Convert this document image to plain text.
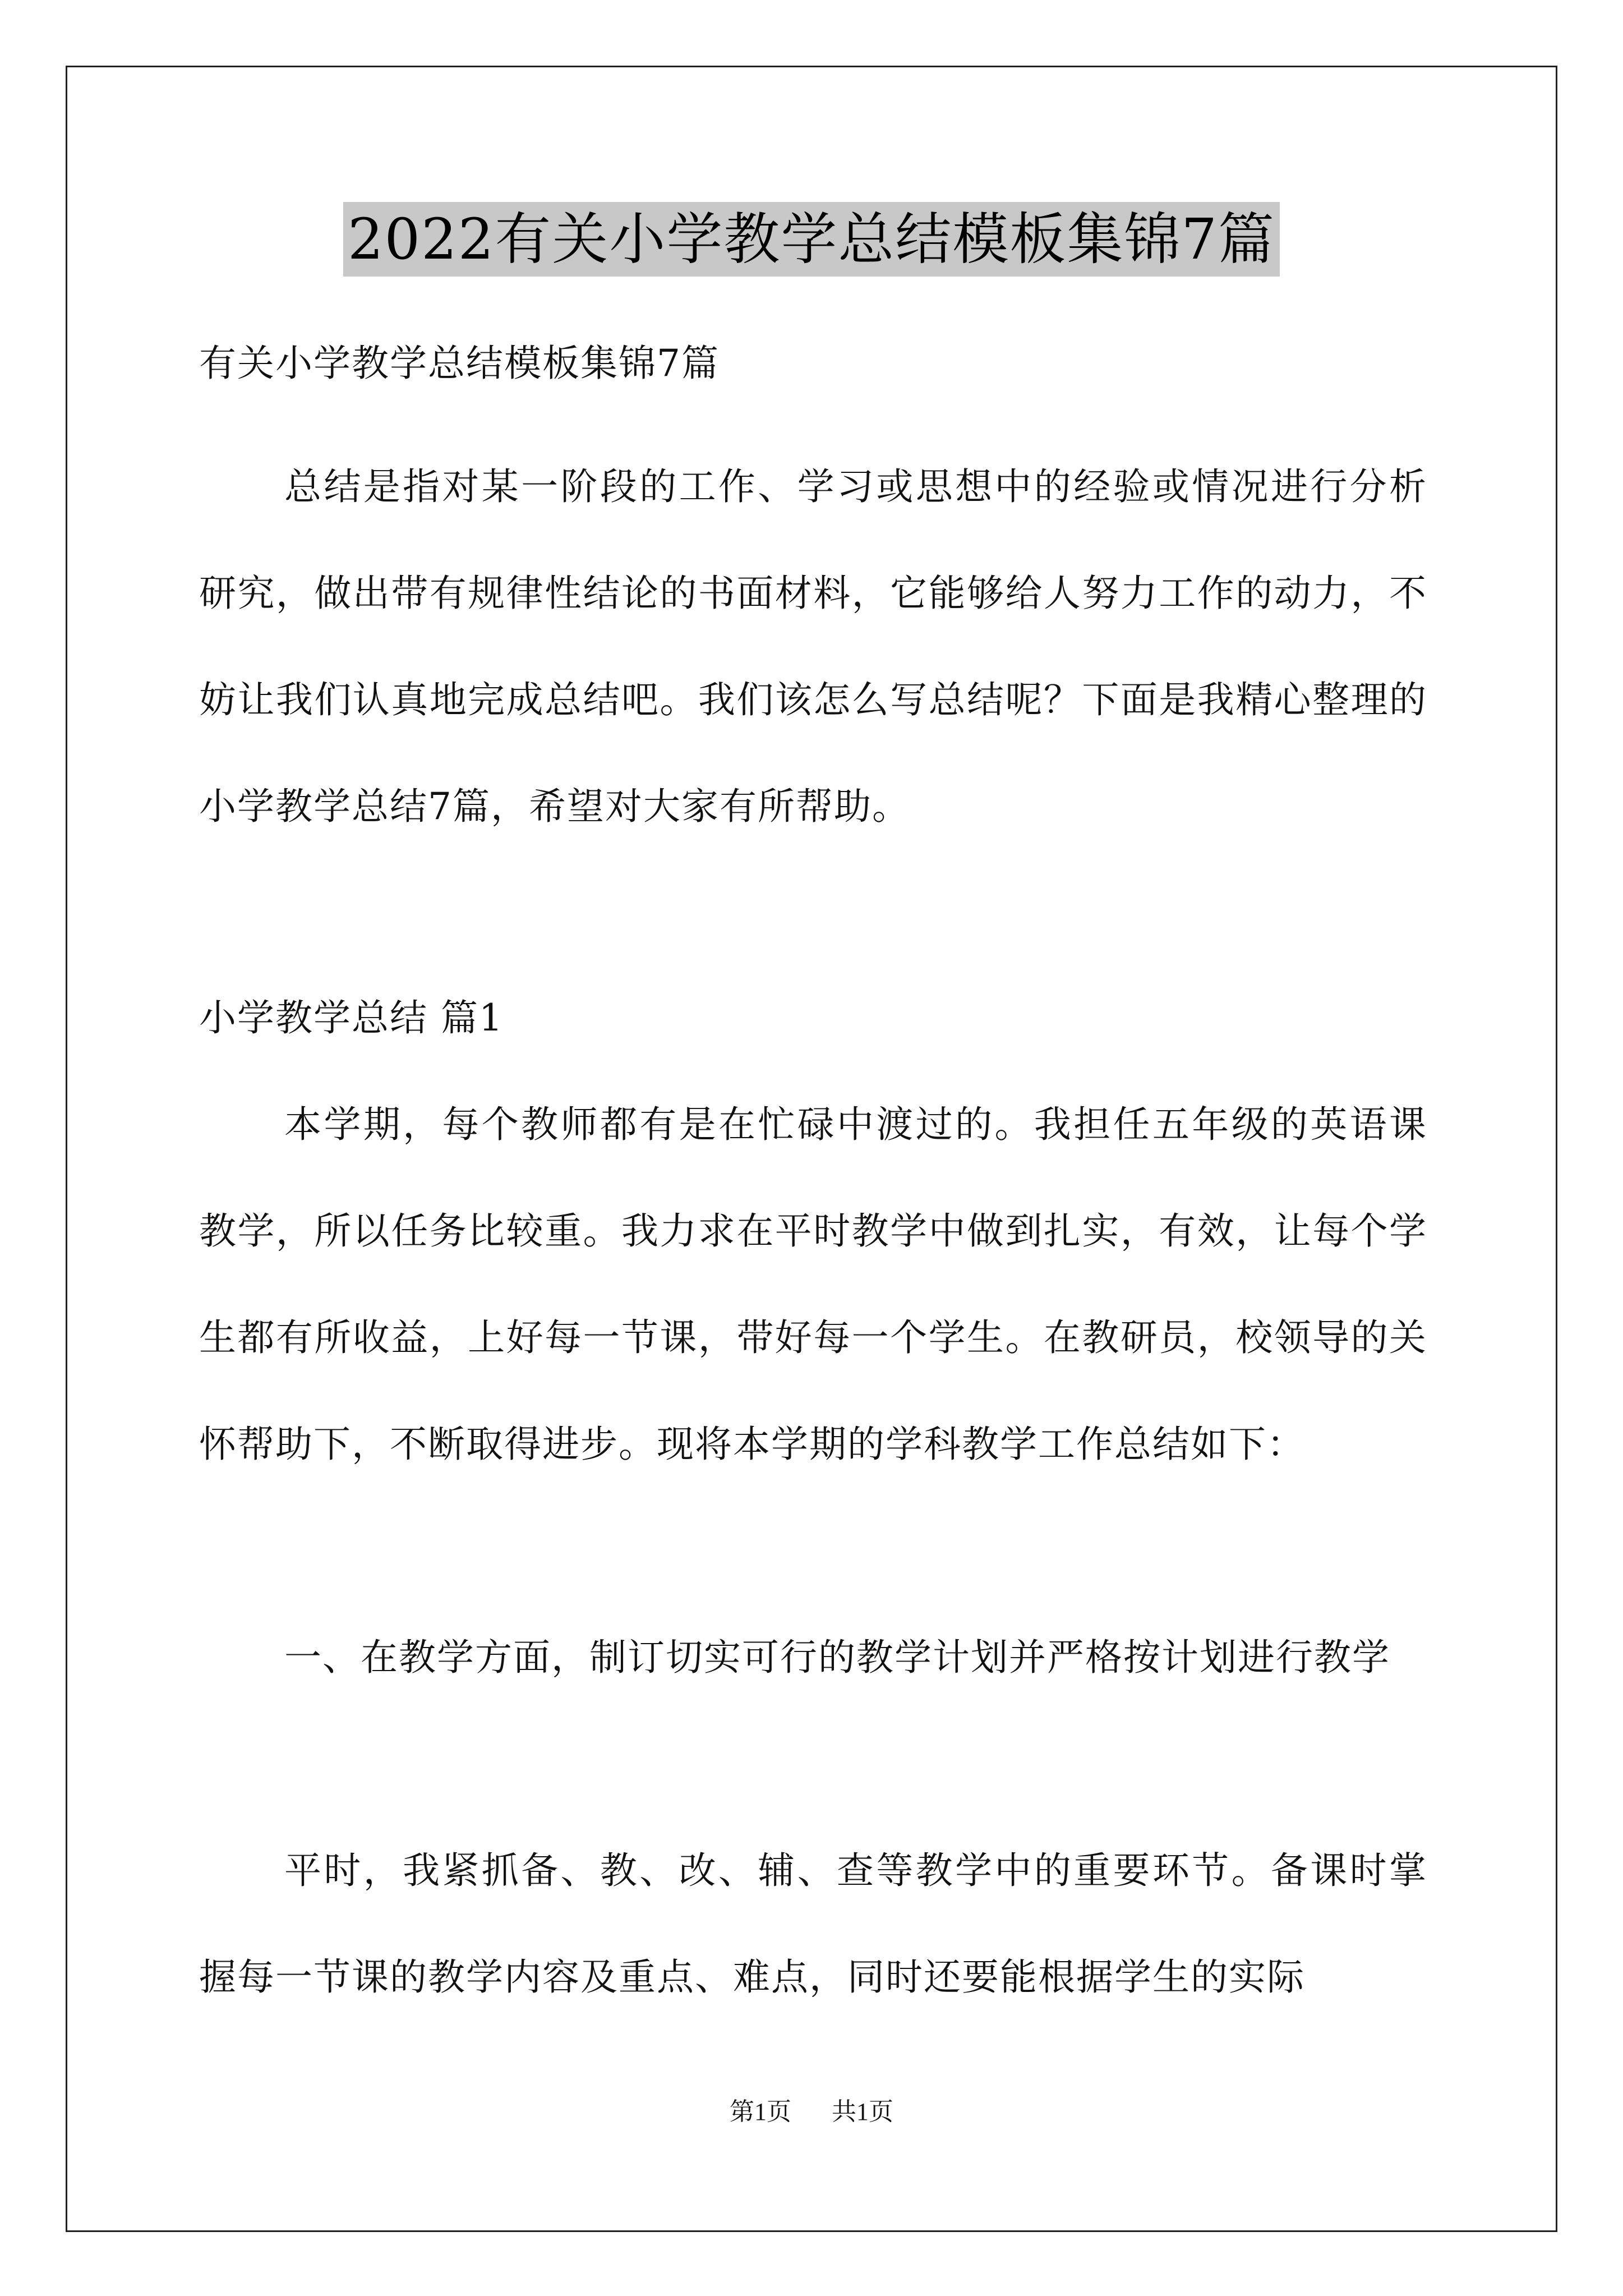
2022有关小学教学总结模板集锦7篇

有关小学教学总结模板集锦7篇

总结是指对某一阶段的工作、学习或思想中的经验或情况进行分析研究，做出带有规律性结论的书面材料，它能够给人努力工作的动力，不妨让我们认真地完成总结吧。我们该怎么写总结呢？下面是我精心整理的小学教学总结7篇，希望对大家有所帮助。

小学教学总结 篇1

本学期，每个教师都有是在忙碌中渡过的。我担任五年级的英语课教学，所以任务比较重。我力求在平时教学中做到扎实，有效，让每个学生都有所收益，上好每一节课，带好每一个学生。在教研员，校领导的关怀帮助下，不断取得进步。现将本学期的学科教学工作总结如下：

一、在教学方面，制订切实可行的教学计划并严格按计划进行教学

平时，我紧抓备、教、改、辅、查等教学中的重要环节。备课时掌握每一节课的教学内容及重点、难点，同时还要能根据学生的实际

第1页 共1页
